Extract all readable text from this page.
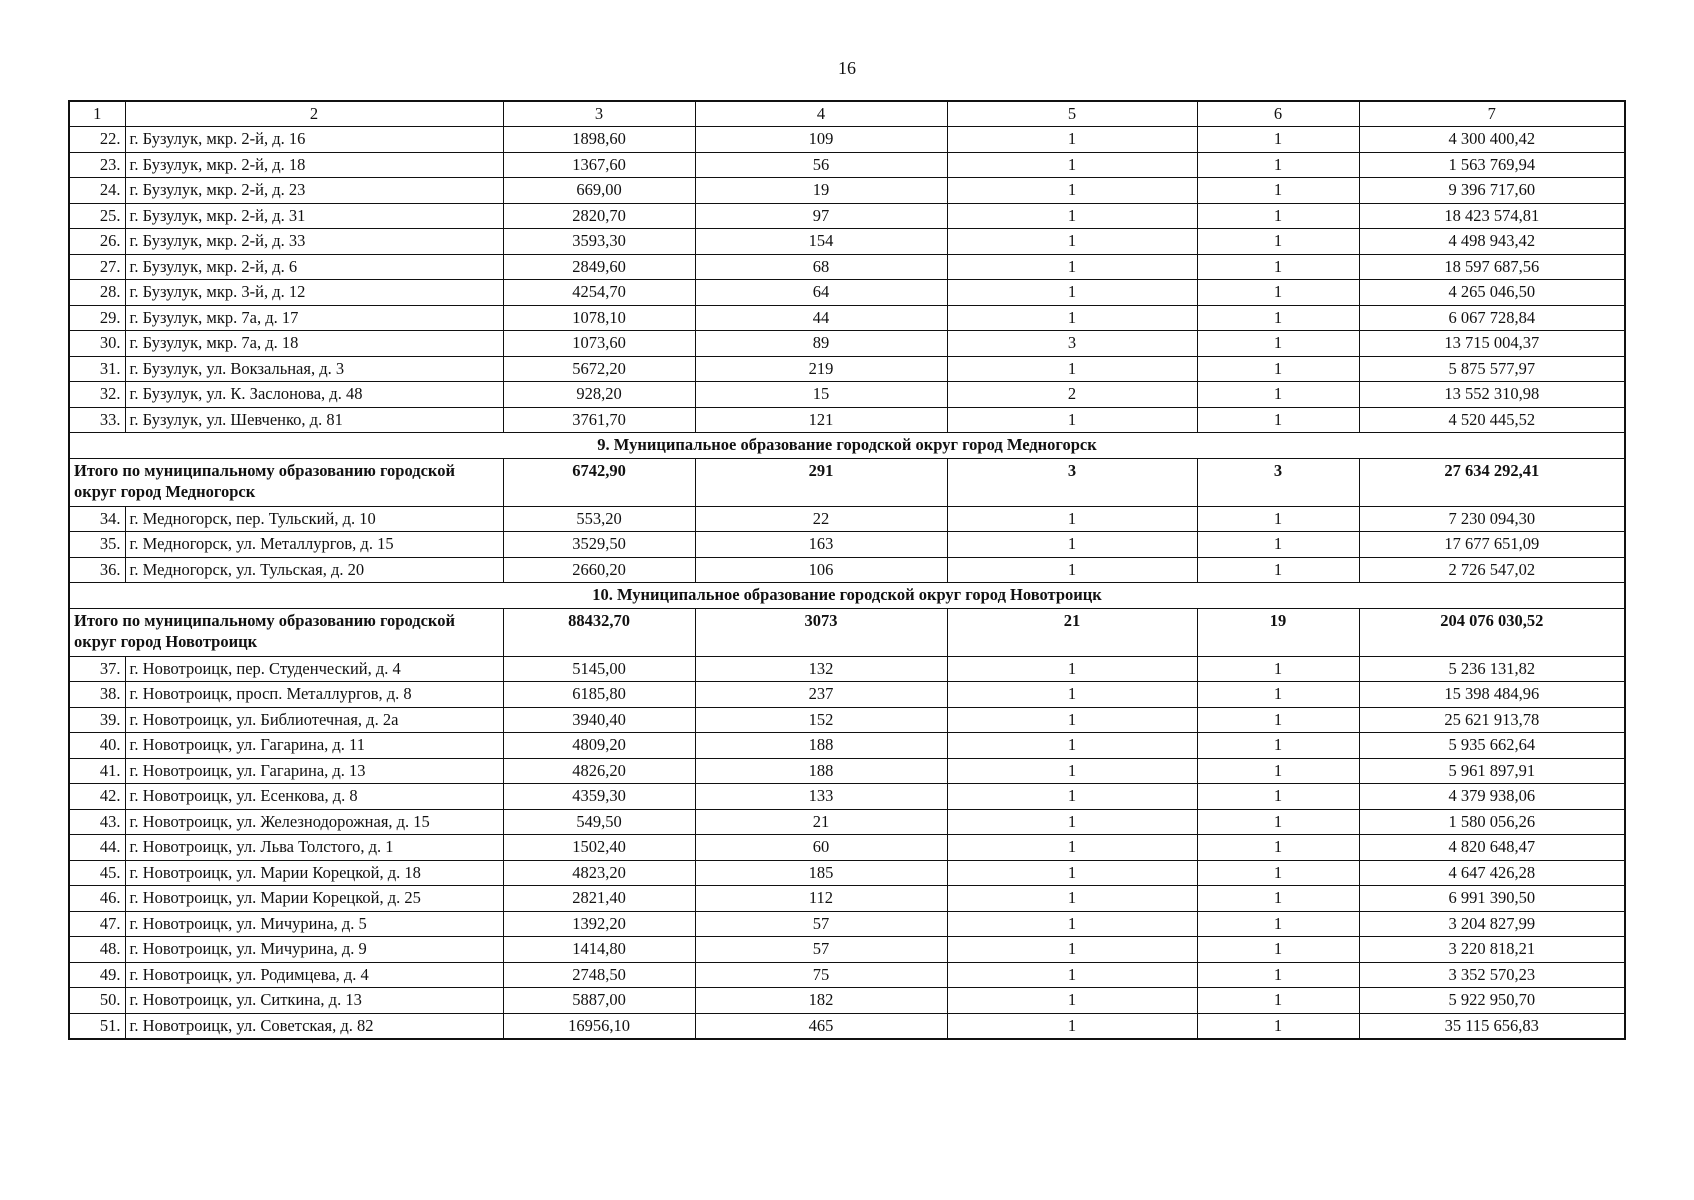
16
1	2	3	4	5	6	7
22.	г. Бузулук, мкр. 2-й, д. 16	1898,60	109	1	1	4 300 400,42
23.	г. Бузулук, мкр. 2-й, д. 18	1367,60	56	1	1	1 563 769,94
24.	г. Бузулук, мкр. 2-й, д. 23	669,00	19	1	1	9 396 717,60
25.	г. Бузулук, мкр. 2-й, д. 31	2820,70	97	1	1	18 423 574,81
26.	г. Бузулук, мкр. 2-й, д. 33	3593,30	154	1	1	4 498 943,42
27.	г. Бузулук, мкр. 2-й, д. 6	2849,60	68	1	1	18 597 687,56
28.	г. Бузулук, мкр. 3-й, д. 12	4254,70	64	1	1	4 265 046,50
29.	г. Бузулук, мкр. 7а, д. 17	1078,10	44	1	1	6 067 728,84
30.	г. Бузулук, мкр. 7а, д. 18	1073,60	89	3	1	13 715 004,37
31.	г. Бузулук, ул. Вокзальная, д. 3	5672,20	219	1	1	5 875 577,97
32.	г. Бузулук, ул. К. Заслонова, д. 48	928,20	15	2	1	13 552 310,98
33.	г. Бузулук, ул. Шевченко, д. 81	3761,70	121	1	1	4 520 445,52
9. Муниципальное образование городской округ город Медногорск						
Итого по муниципальному образованию городской округ город Медногорск		6742,90	291	3	3	27 634 292,41
34.	г. Медногорск, пер. Тульский, д. 10	553,20	22	1	1	7 230 094,30
35.	г. Медногорск, ул. Металлургов, д. 15	3529,50	163	1	1	17 677 651,09
36.	г. Медногорск, ул. Тульская, д. 20	2660,20	106	1	1	2 726 547,02
10. Муниципальное образование городской округ город Новотроицк						
Итого по муниципальному образованию городской округ город Новотроицк		88432,70	3073	21	19	204 076 030,52
37.	г. Новотроицк, пер. Студенческий, д. 4	5145,00	132	1	1	5 236 131,82
38.	г. Новотроицк, просп. Металлургов, д. 8	6185,80	237	1	1	15 398 484,96
39.	г. Новотроицк, ул. Библиотечная, д. 2а	3940,40	152	1	1	25 621 913,78
40.	г. Новотроицк, ул. Гагарина, д. 11	4809,20	188	1	1	5 935 662,64
41.	г. Новотроицк, ул. Гагарина, д. 13	4826,20	188	1	1	5 961 897,91
42.	г. Новотроицк, ул. Есенкова, д. 8	4359,30	133	1	1	4 379 938,06
43.	г. Новотроицк, ул. Железнодорожная, д. 15	549,50	21	1	1	1 580 056,26
44.	г. Новотроицк, ул. Льва Толстого, д. 1	1502,40	60	1	1	4 820 648,47
45.	г. Новотроицк, ул. Марии Корецкой, д. 18	4823,20	185	1	1	4 647 426,28
46.	г. Новотроицк, ул. Марии Корецкой, д. 25	2821,40	112	1	1	6 991 390,50
47.	г. Новотроицк, ул. Мичурина, д. 5	1392,20	57	1	1	3 204 827,99
48.	г. Новотроицк, ул. Мичурина, д. 9	1414,80	57	1	1	3 220 818,21
49.	г. Новотроицк, ул. Родимцева, д. 4	2748,50	75	1	1	3 352 570,23
50.	г. Новотроицк, ул. Ситкина, д. 13	5887,00	182	1	1	5 922 950,70
51.	г. Новотроицк, ул. Советская, д. 82	16956,10	465	1	1	35 115 656,83
